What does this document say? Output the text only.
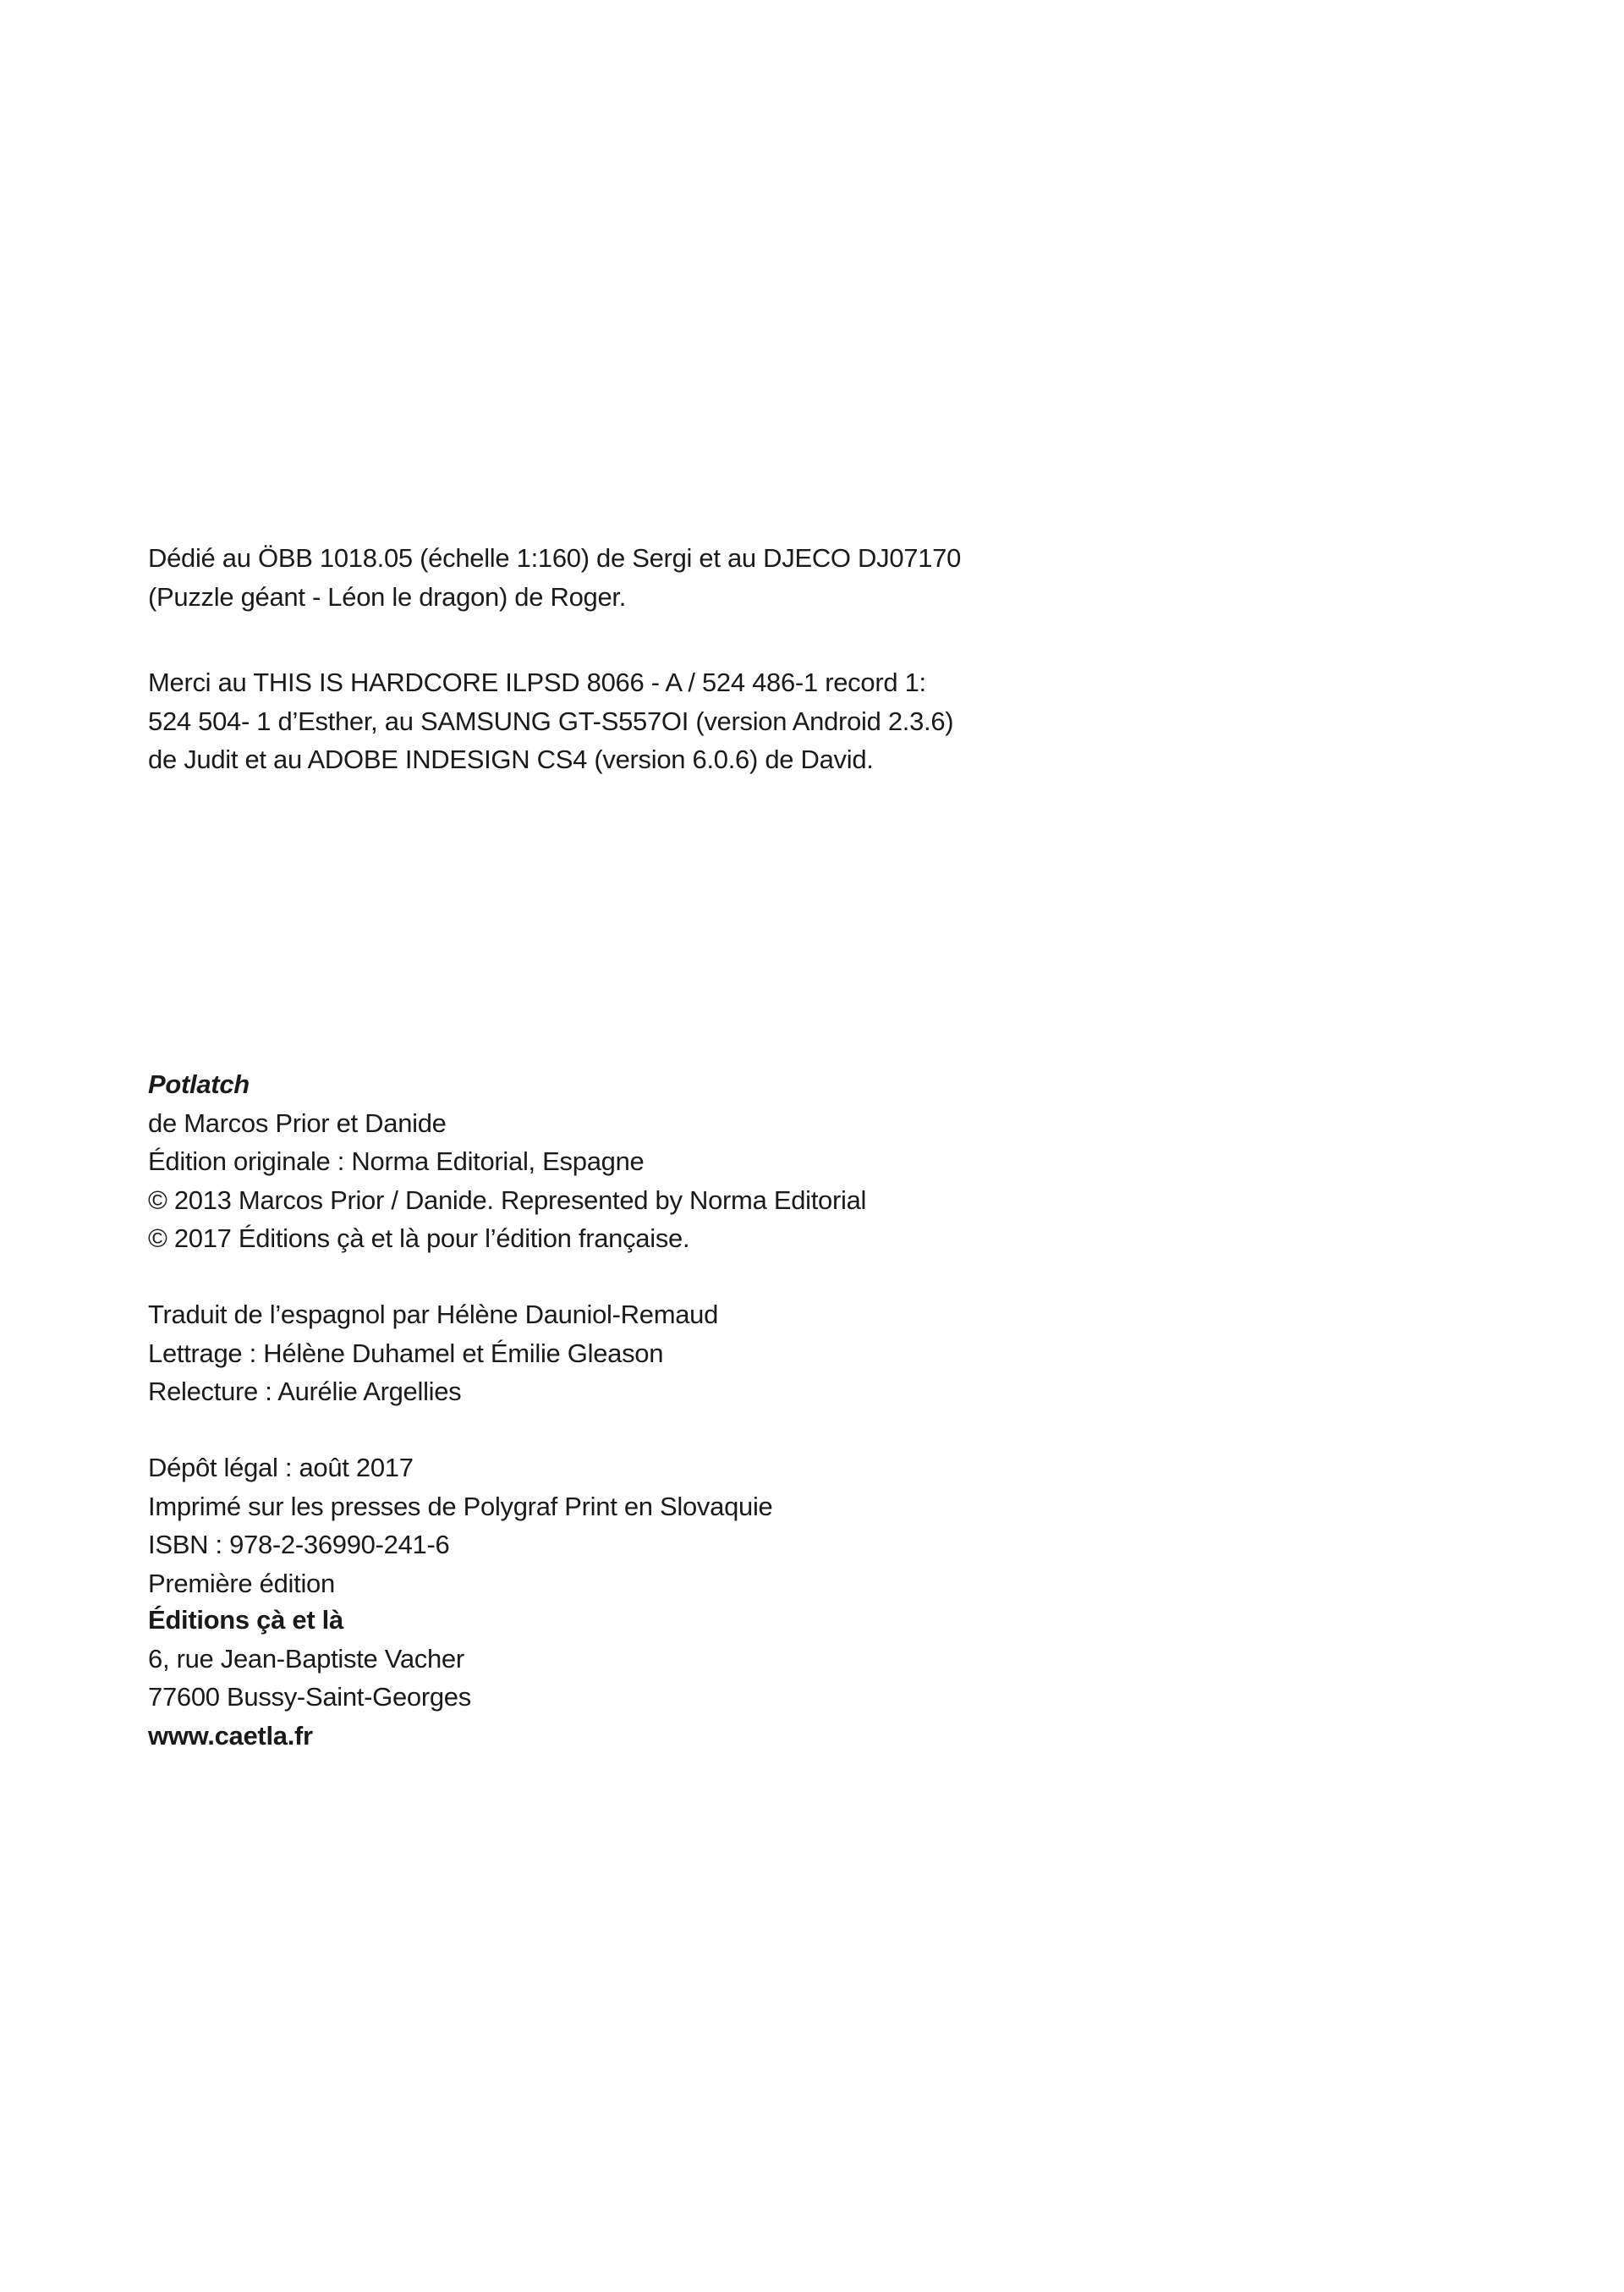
Dédié au ÖBB 1018.05 (échelle 1:160) de Sergi et au DJECO DJ07170
(Puzzle géant - Léon le dragon) de Roger.
Merci au THIS IS HARDCORE ILPSD 8066 - A / 524 486-1 record 1:
524 504- 1 d’Esther, au SAMSUNG GT-S557OI (version Android 2.3.6)
de Judit et au ADOBE INDESIGN CS4 (version 6.0.6) de David.
Potlatch
de Marcos Prior et Danide
Édition originale : Norma Editorial, Espagne
© 2013 Marcos Prior / Danide. Represented by Norma Editorial
© 2017 Éditions çà et là pour l’édition française.
Traduit de l’espagnol par Hélène Dauniol-Remaud
Lettrage : Hélène Duhamel et Émilie Gleason
Relecture : Aurélie Argellies
Dépôt légal : août 2017
Imprimé sur les presses de Polygraf Print en Slovaquie
ISBN : 978-2-36990-241-6
Première édition
Éditions çà et là
6, rue Jean-Baptiste Vacher
77600 Bussy-Saint-Georges
www.caetla.fr
